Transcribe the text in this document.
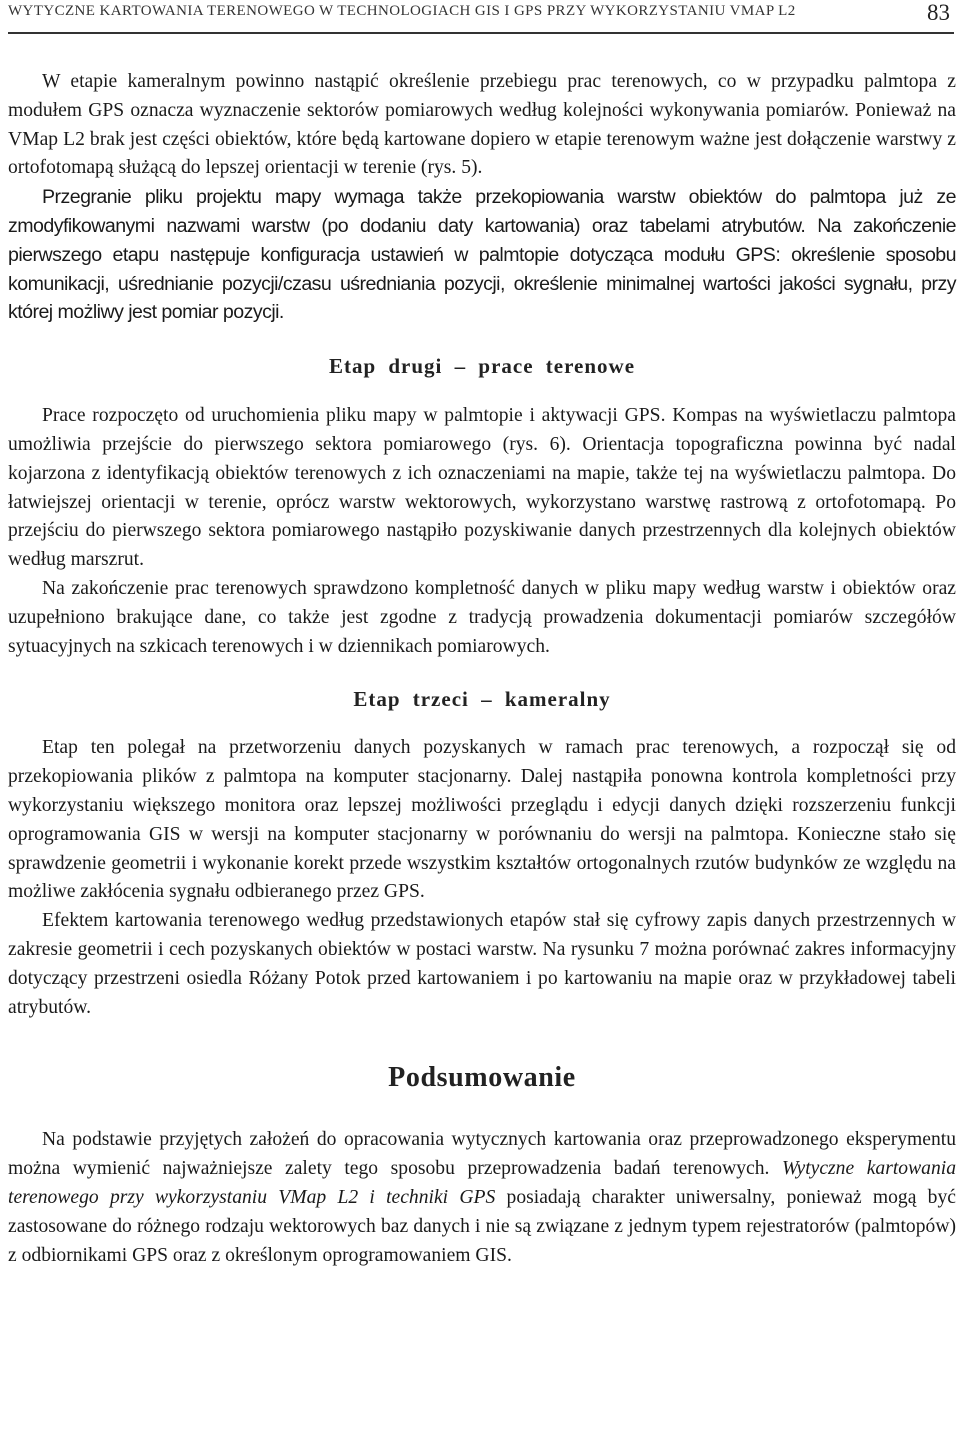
WYTYCZNE KARTOWANIA TERENOWEGO W TECHNOLOGIACH GIS I GPS PRZY WYKORZYSTANIU VMAP L2	83

W etapie kameralnym powinno nastąpić określenie przebiegu prac terenowych, co w przypadku palmtopa z modułem GPS oznacza wyznaczenie sektorów pomiarowych według kolejności wykonywania pomiarów. Ponieważ na VMap L2 brak jest części obiektów, które będą kartowane dopiero w etapie terenowym ważne jest dołączenie warstwy z ortofotomapą służącą do lepszej orientacji w terenie (rys. 5).

Przegranie pliku projektu mapy wymaga także przekopiowania warstw obiektów do palmtopa już ze zmodyfikowanymi nazwami warstw (po dodaniu daty kartowania) oraz tabelami atrybutów. Na zakończenie pierwszego etapu następuje konfiguracja ustawień w palmtopie dotycząca modułu GPS: określenie sposobu komunikacji, uśrednianie pozycji/czasu uśredniania pozycji, określenie minimalnej wartości jakości sygnału, przy której możliwy jest pomiar pozycji.

Etap drugi – prace terenowe

Prace rozpoczęto od uruchomienia pliku mapy w palmtopie i aktywacji GPS. Kompas na wyświetlaczu palmtopa umożliwia przejście do pierwszego sektora pomiarowego (rys. 6). Orientacja topograficzna powinna być nadal kojarzona z identyfikacją obiektów terenowych z ich oznaczeniami na mapie, także tej na wyświetlaczu palmtopa. Do łatwiejszej orientacji w terenie, oprócz warstw wektorowych, wykorzystano warstwę rastrową z ortofotomapą. Po przejściu do pierwszego sektora pomiarowego nastąpiło pozyskiwanie danych przestrzennych dla kolejnych obiektów według marszrut.

Na zakończenie prac terenowych sprawdzono kompletność danych w pliku mapy według warstw i obiektów oraz uzupełniono brakujące dane, co także jest zgodne z tradycją prowadzenia dokumentacji pomiarów szczegółów sytuacyjnych na szkicach terenowych i w dziennikach pomiarowych.

Etap trzeci – kameralny

Etap ten polegał na przetworzeniu danych pozyskanych w ramach prac terenowych, a rozpoczął się od przekopiowania plików z palmtopa na komputer stacjonarny. Dalej nastąpiła ponowna kontrola kompletności przy wykorzystaniu większego monitora oraz lepszej możliwości przeglądu i edycji danych dzięki rozszerzeniu funkcji oprogramowania GIS w wersji na komputer stacjonarny w porównaniu do wersji na palmtopa. Konieczne stało się sprawdzenie geometrii i wykonanie korekt przede wszystkim kształtów ortogonalnych rzutów budynków ze względu na możliwe zakłócenia sygnału odbieranego przez GPS.

Efektem kartowania terenowego według przedstawionych etapów stał się cyfrowy zapis danych przestrzennych w zakresie geometrii i cech pozyskanych obiektów w postaci warstw. Na rysunku 7 można porównać zakres informacyjny dotyczący przestrzeni osiedla Różany Potok przed kartowaniem i po kartowaniu na mapie oraz w przykładowej tabeli atrybutów.

Podsumowanie

Na podstawie przyjętych założeń do opracowania wytycznych kartowania oraz przeprowadzonego eksperymentu można wymienić najważniejsze zalety tego sposobu przeprowadzenia badań terenowych. Wytyczne kartowania terenowego przy wykorzystaniu VMap L2 i techniki GPS posiadają charakter uniwersalny, ponieważ mogą być zastosowane do różnego rodzaju wektorowych baz danych i nie są związane z jednym typem rejestratorów (palmtopów) z odbiornikami GPS oraz z określonym oprogramowaniem GIS.
